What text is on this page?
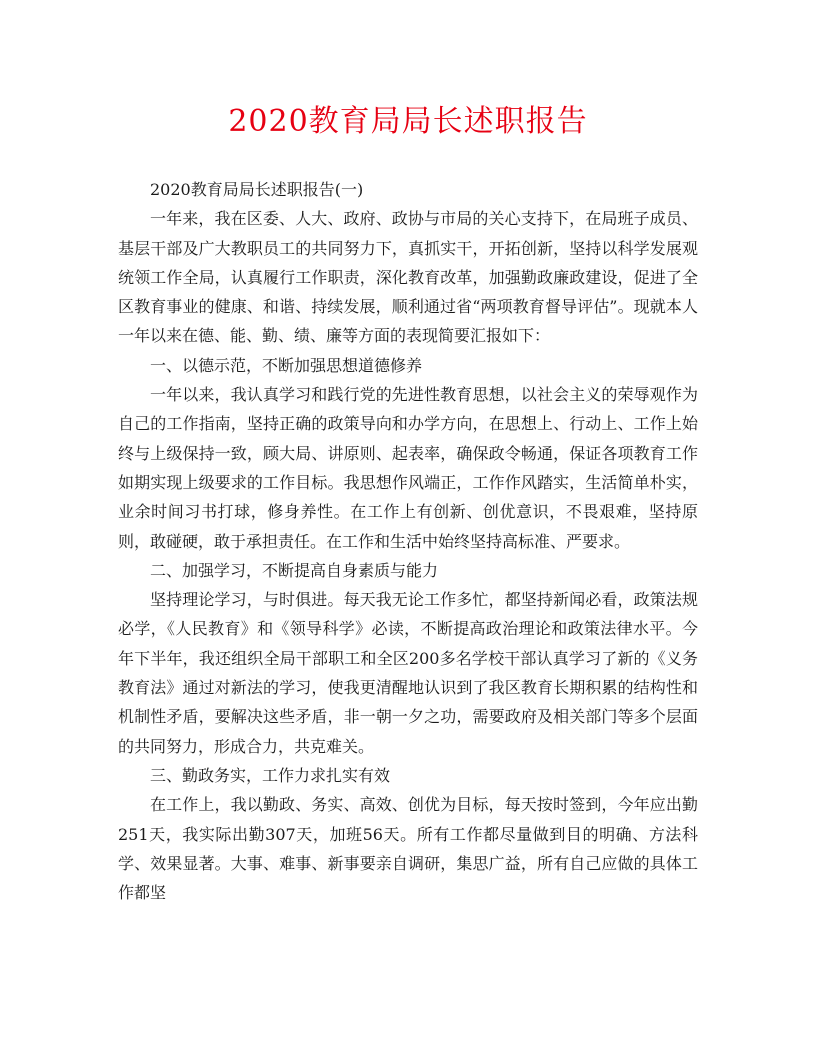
2020教育局局长述职报告

2020教育局局长述职报告(一)

一年来，我在区委、人大、政府、政协与市局的关心支持下，在局班子成员、基层干部及广大教职员工的共同努力下，真抓实干，开拓创新，坚持以科学发展观统领工作全局，认真履行工作职责，深化教育改革，加强勤政廉政建设，促进了全区教育事业的健康、和谐、持续发展，顺利通过省“两项教育督导评估”。现就本人一年以来在德、能、勤、绩、廉等方面的表现简要汇报如下：

一、以德示范，不断加强思想道德修养

一年以来，我认真学习和践行党的先进性教育思想，以社会主义的荣辱观作为自己的工作指南，坚持正确的政策导向和办学方向，在思想上、行动上、工作上始终与上级保持一致，顾大局、讲原则、起表率，确保政令畅通，保证各项教育工作如期实现上级要求的工作目标。我思想作风端正，工作作风踏实，生活简单朴实，业余时间习书打球，修身养性。在工作上有创新、创优意识，不畏艰难，坚持原则，敢碰硬，敢于承担责任。在工作和生活中始终坚持高标准、严要求。

二、加强学习，不断提高自身素质与能力

坚持理论学习，与时俱进。每天我无论工作多忙，都坚持新闻必看，政策法规必学，《人民教育》和《领导科学》必读，不断提高政治理论和政策法律水平。今年下半年，我还组织全局干部职工和全区200多名学校干部认真学习了新的《义务教育法》通过对新法的学习，使我更清醒地认识到了我区教育长期积累的结构性和机制性矛盾，要解决这些矛盾，非一朝一夕之功，需要政府及相关部门等多个层面的共同努力，形成合力，共克难关。

三、勤政务实，工作力求扎实有效

在工作上，我以勤政、务实、高效、创优为目标，每天按时签到，今年应出勤251天，我实际出勤307天，加班56天。所有工作都尽量做到目的明确、方法科学、效果显著。大事、难事、新事要亲自调研，集思广益，所有自己应做的具体工作都坚
